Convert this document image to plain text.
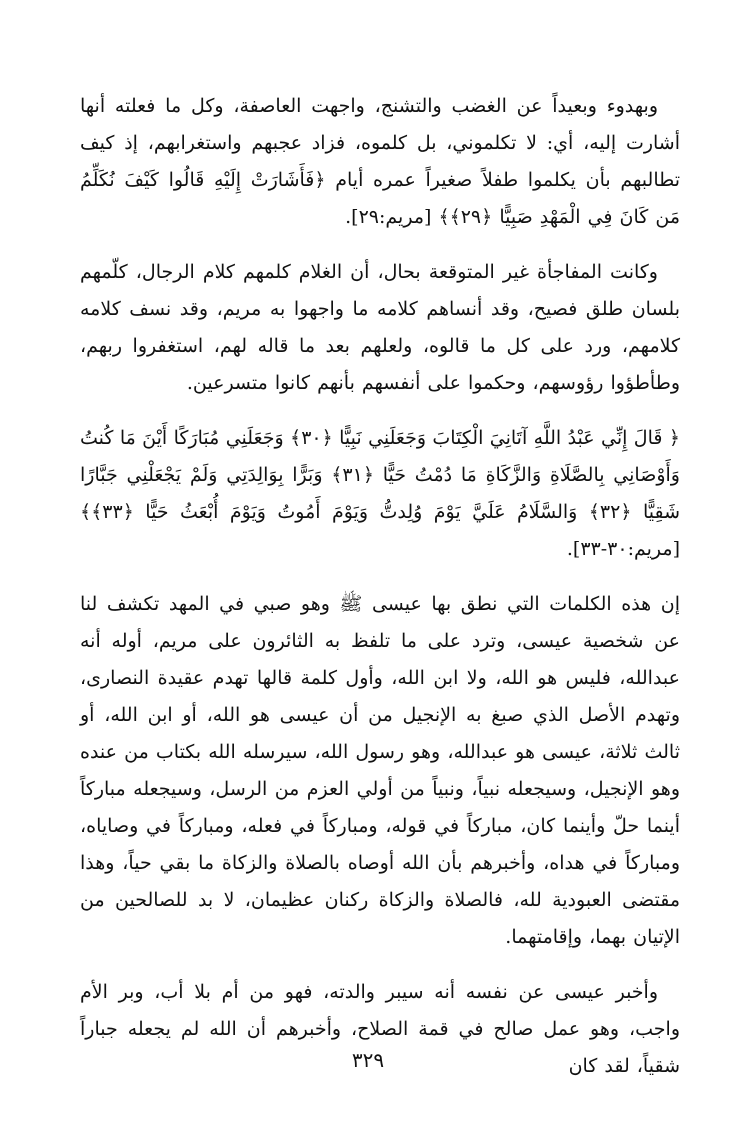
وبهدوء وبعيداً عن الغضب والتشنج، واجهت العاصفة، وكل ما فعلته أنها أشارت إليه، أي: لا تكلموني، بل كلموه، فزاد عجبهم واستغرابهم، إذ كيف تطالبهم بأن يكلموا طفلاً صغيراً عمره أيام ﴿فَأَشَارَتْ إِلَيْهِ قَالُوا كَيْفَ نُكَلِّمُ مَن كَانَ فِي الْمَهْدِ صَبِيًّا ﴿٢٩﴾﴾ [مريم:٢٩].

وكانت المفاجأة غير المتوقعة بحال، أن الغلام كلمهم كلام الرجال، كلّمهم بلسان طلق فصيح، وقد أنساهم كلامه ما واجهوا به مريم، وقد نسف كلامه كلامهم، ورد على كل ما قالوه، ولعلهم بعد ما قاله لهم، استغفروا ربهم، وطأطؤوا رؤوسهم، وحكموا على أنفسهم بأنهم كانوا متسرعين.

﴿ قَالَ إِنِّي عَبْدُ اللَّهِ آتَانِيَ الْكِتَابَ وَجَعَلَنِي نَبِيًّا ﴿٣٠﴾ وَجَعَلَنِي مُبَارَكًا أَيْنَ مَا كُنتُ وَأَوْصَانِي بِالصَّلَاةِ وَالزَّكَاةِ مَا دُمْتُ حَيًّا ﴿٣١﴾ وَبَرًّا بِوَالِدَتِي وَلَمْ يَجْعَلْنِي جَبَّارًا شَقِيًّا ﴿٣٢﴾ وَالسَّلَامُ عَلَيَّ يَوْمَ وُلِدتُّ وَيَوْمَ أَمُوتُ وَيَوْمَ أُبْعَثُ حَيًّا ﴿٣٣﴾﴾ [مريم:٣٠-٣٣].

إن هذه الكلمات التي نطق بها عيسى ﷺ وهو صبي في المهد تكشف لنا عن شخصية عيسى، وترد على ما تلفظ به الثائرون على مريم، أوله أنه عبدالله، فليس هو الله، ولا ابن الله، وأول كلمة قالها تهدم عقيدة النصارى، وتهدم الأصل الذي صبغ به الإنجيل من أن عيسى هو الله، أو ابن الله، أو ثالث ثلاثة، عيسى هو عبدالله، وهو رسول الله، سيرسله الله بكتاب من عنده وهو الإنجيل، وسيجعله نبياً، ونبياً من أولي العزم من الرسل، وسيجعله مباركاً أينما حلّ وأينما كان، مباركاً في قوله، ومباركاً في فعله، ومباركاً في وصاياه، ومباركاً في هداه، وأخبرهم بأن الله أوصاه بالصلاة والزكاة ما بقي حياً، وهذا مقتضى العبودية لله، فالصلاة والزكاة ركنان عظيمان، لا بد للصالحين من الإتيان بهما، وإقامتهما.

وأخبر عيسى عن نفسه أنه سيبر والدته، فهو من أم بلا أب، وبر الأم واجب، وهو عمل صالح في قمة الصلاح، وأخبرهم أن الله لم يجعله جباراً شقياً، لقد كان

٣٢٩
